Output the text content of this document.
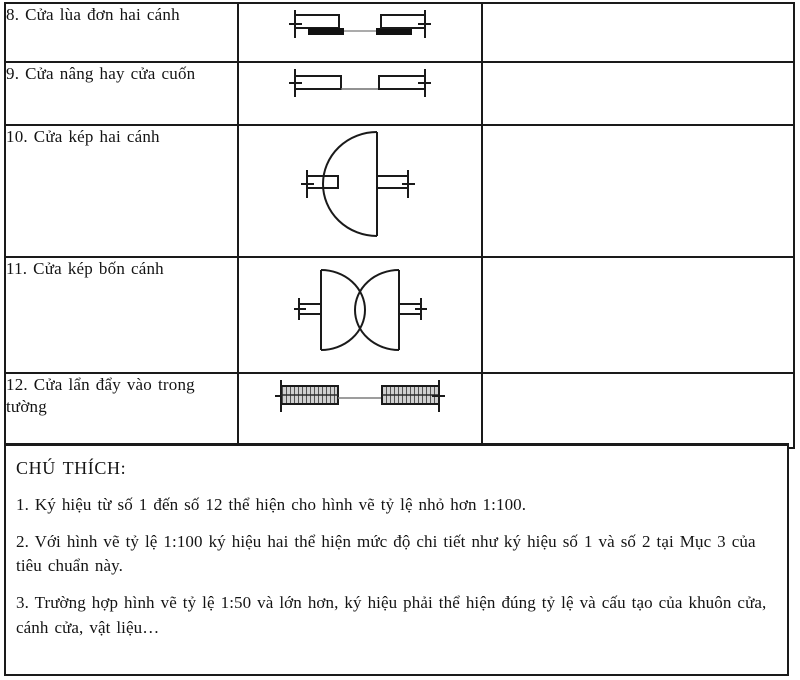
8. Cửa lùa đơn hai cánh	

9. Cửa nâng hay cửa cuốn	

10. Cửa kép hai cánh	

11. Cửa kép bốn cánh	

12. Cửa lẩn đẩy vào trong tường	

CHÚ THÍCH:

1. Ký hiệu từ số 1 đến số 12 thể hiện cho hình vẽ tỷ lệ nhỏ hơn 1:100.

2. Với hình vẽ tỷ lệ 1:100 ký hiệu hai thể hiện mức độ chi tiết như ký hiệu số 1 và số 2 tại Mục 3 của tiêu chuẩn này.

3. Trường hợp hình vẽ tỷ lệ 1:50 và lớn hơn, ký hiệu phải thể hiện đúng tỷ lệ và cấu tạo của khuôn cửa, cánh cửa, vật liệu…
